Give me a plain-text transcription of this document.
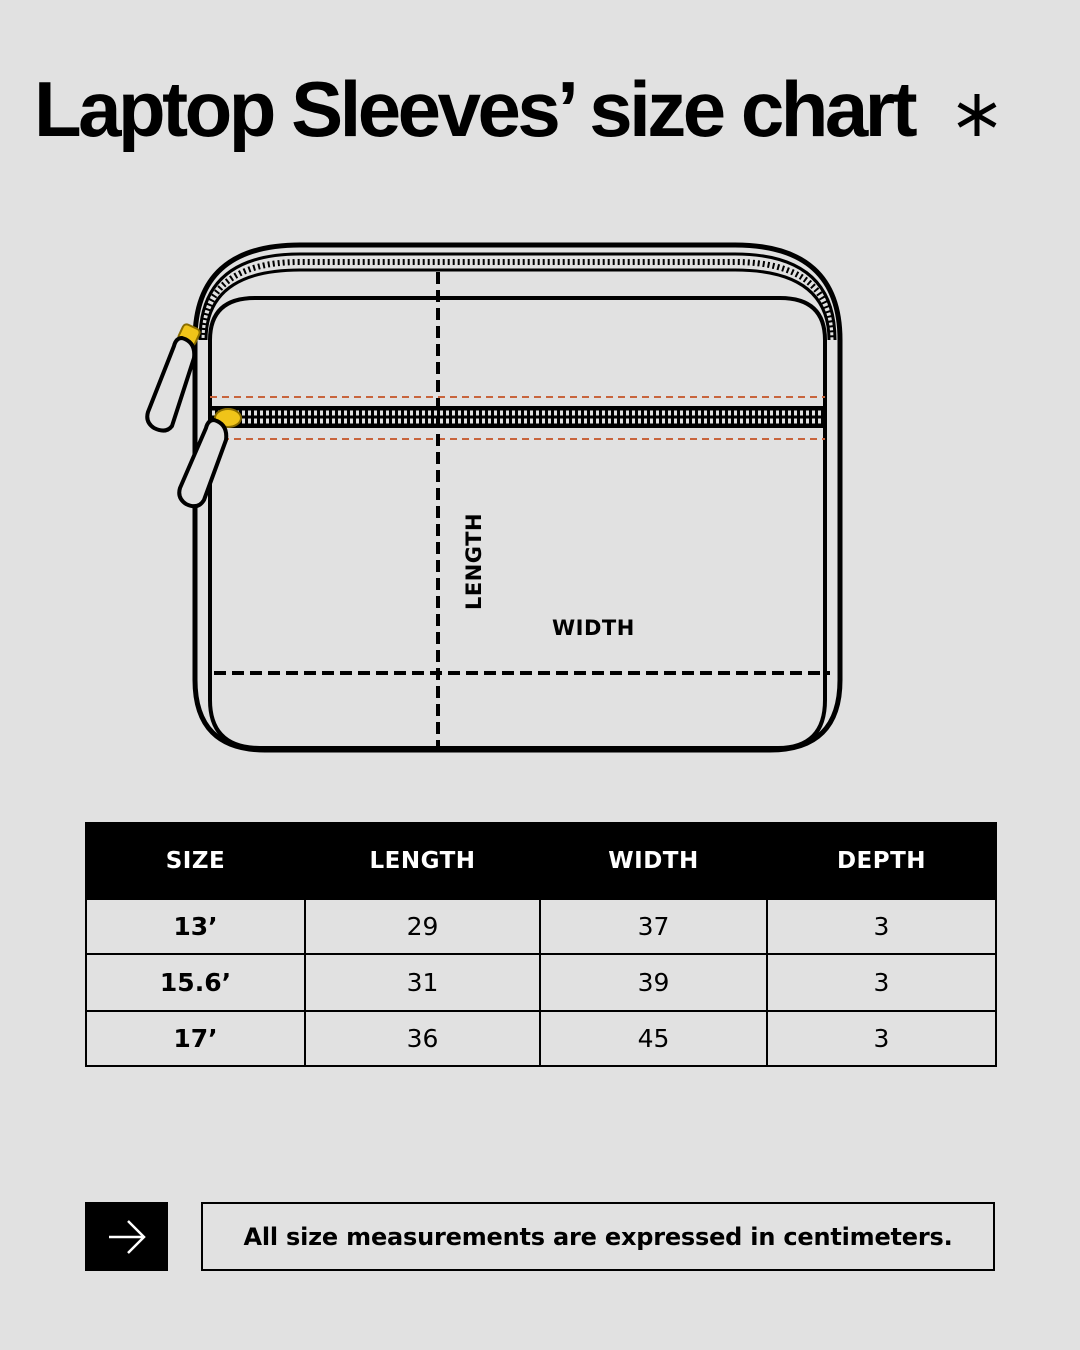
Laptop Sleeves’ size chart
LENGTH
WIDTH
SIZE	LENGTH	WIDTH	DEPTH
13’	29	37	3
15.6’	31	39	3
17’	36	45	3
All size measurements are expressed in centimeters.
